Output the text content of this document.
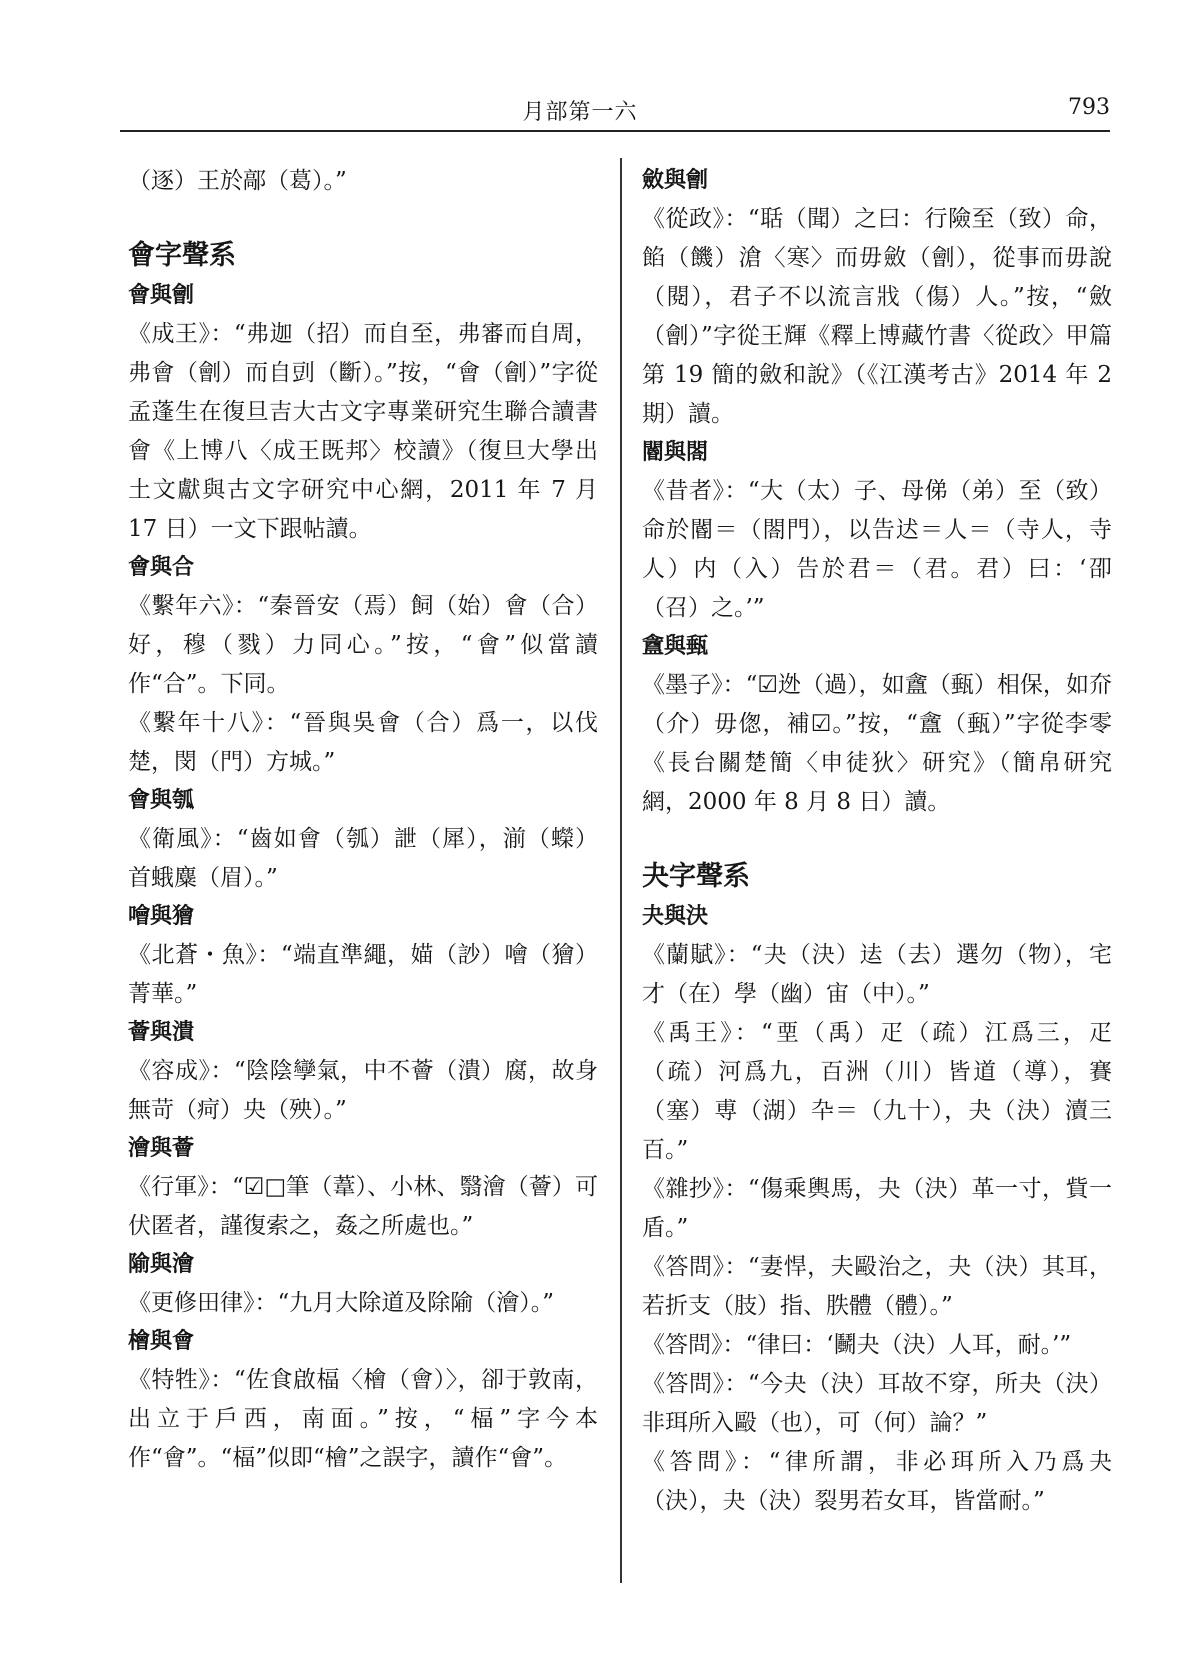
月部第一六	793
（逐）王於鄗（葛）。”
會字聲系
會與劊
《成王》：“弗迦（招）而自至，弗審而自周，弗會（劊）而自剅（斷）。”按，“會（劊）”字從孟蓬生在復旦吉大古文字專業研究生聯合讀書會《上博八〈成王既邦〉校讀》（復旦大學出土文獻與古文字研究中心網，2011 年 7 月 17 日）一文下跟帖讀。
會與合
《繫年六》：“秦晉安（焉）飼（始）會（合）好，穆（戮）力同心。”按，“會”似當讀作“合”。下同。
《繫年十八》：“晉與吳會（合）爲一，以伐楚，閔（門）方城。”
會與瓠
《衛風》：“齒如會（瓠）詍（犀），湔（蠑）首蛾麋（眉）。”
噲與獪
《北蒼・魚》：“端直準繩，媌（訬）噲（獪）菁華。”
薈與潰
《容成》：“陰陰孿氣，中不薈（潰）腐，故身無苛（疴）央（殃）。”
澮與薈
《行軍》：“☑□筆（葦）、小林、翳澮（薈）可伏匿者，謹復索之，姦之所處也。”
隃與澮
《更修田律》：“九月大除道及除隃（澮）。”
檜與會
《特牲》：“佐食啟楅〈檜（會）〉，卻于敦南，出立于戶西，南面。”按，“楅”字今本作“會”。“楅”似即“檜”之誤字，讀作“會”。
斂與劊
《從政》：“聒（聞）之曰：行險至（致）命，餡（饑）滄〈寒〉而毋斂（劊），從事而毋說（閱），君子不以流言戕（傷）人。”按，“斂（劊）”字從王輝《釋上博藏竹書〈從政〉甲篇第 19 簡的斂和說》（《江漢考古》2014 年 2 期）讀。
閽與閤
《昔者》：“大（太）子、母俤（弟）至（致）命於閽＝（閤門），以告迖＝人＝（寺人，寺人）内（入）告於君＝（君。君）曰：‘卲（召）之。’”
盦與甀
《墨子》：“☑迯（過），如盦（甀）相保，如夼（介）毋偬，補☑。”按，“盦（甀）”字從李零《長台關楚簡〈申徒狄〉研究》（簡帛研究網，2000 年 8 月 8 日）讀。
夬字聲系
夬與決
《蘭賦》：“夬（決）迲（去）選勿（物），宅才（在）學（幽）宙（中）。”
《禹王》：“垔（禹）疋（疏）江爲三，疋（疏）河爲九，百洲（川）皆道（導），賽（塞）尃（湖）卆＝（九十），夬（決）瀆三百。”
《雜抄》：“傷乘輿馬，夬（決）革一寸，貲一盾。”
《答問》：“妻悍，夫毆治之，夬（決）其耳，若折支（肢）指、胅體（體）。”
《答問》：“律曰：‘鬭夬（決）人耳，耐。’”
《答問》：“今夬（決）耳故不穿，所夬（決）非珥所入毆（也），可（何）論？”
《答問》：“律所謂，非必珥所入乃爲夬（決），夬（決）裂男若女耳，皆當耐。”
